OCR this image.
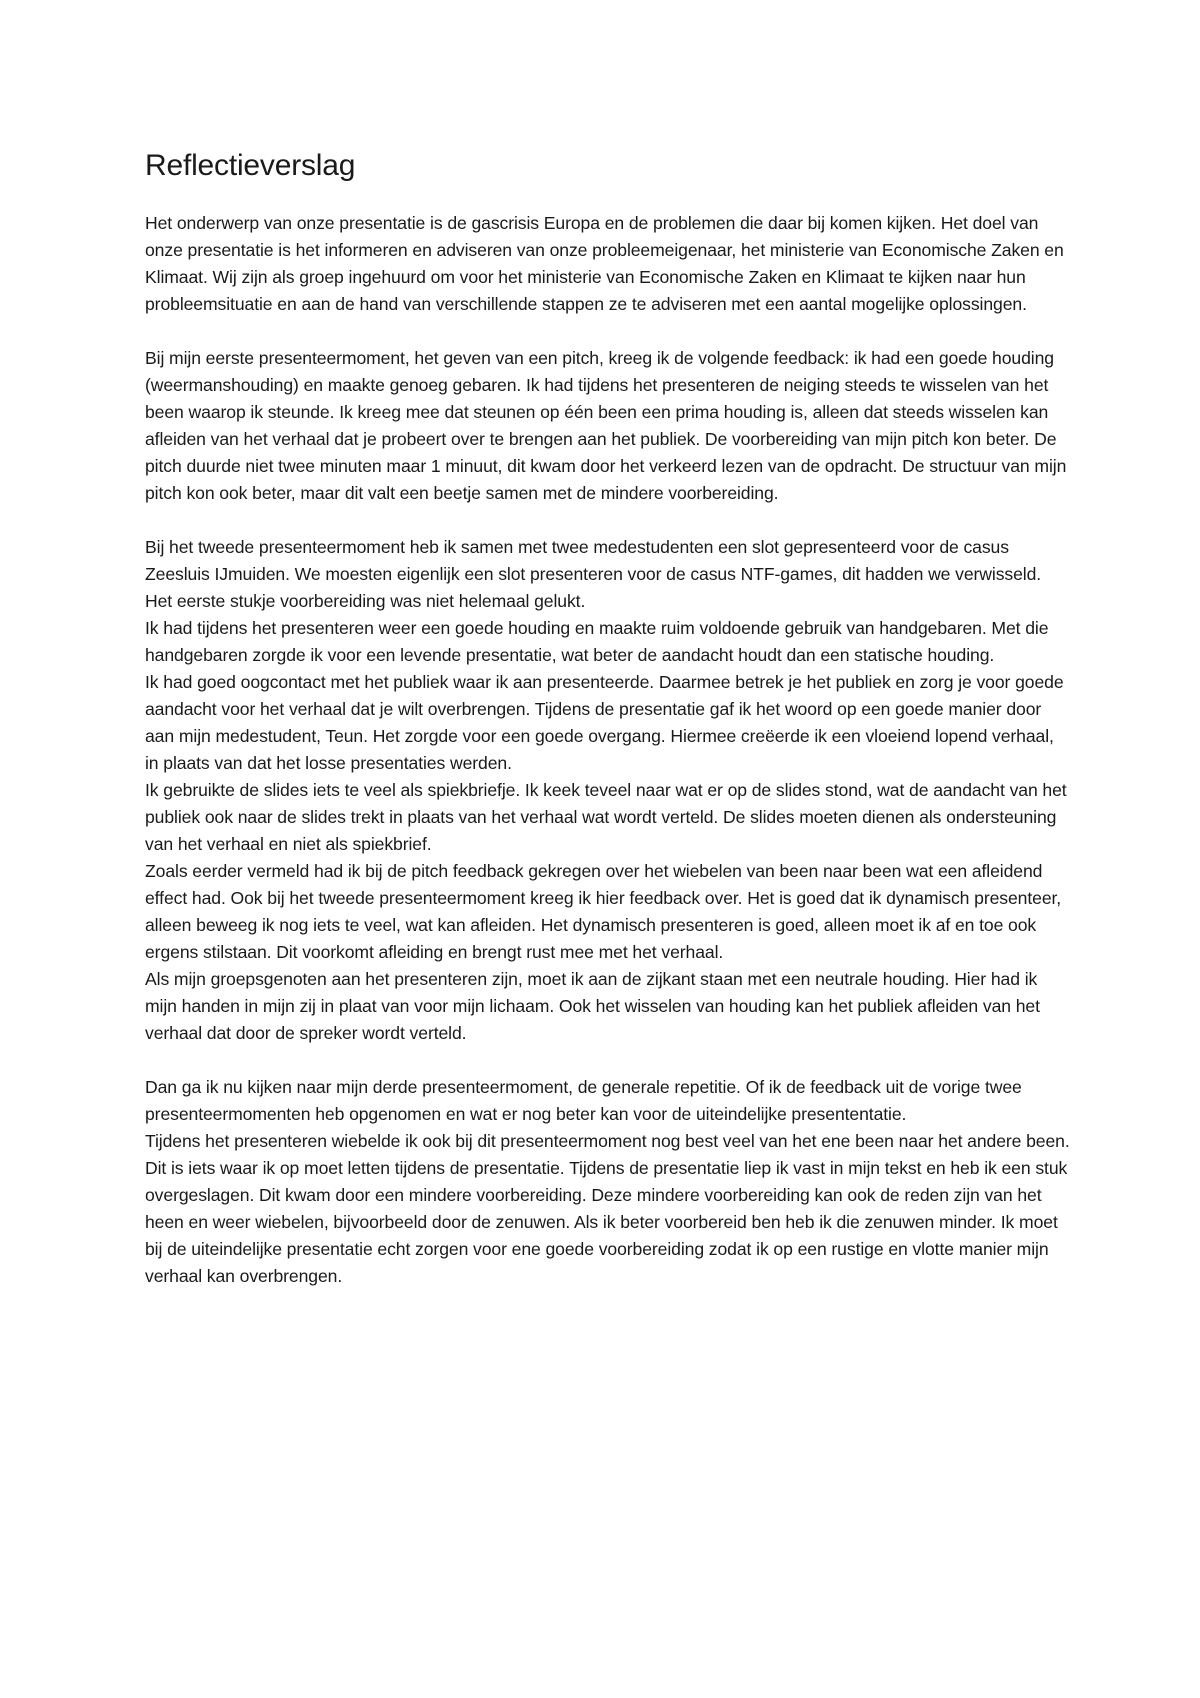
Reflectieverslag

Het onderwerp van onze presentatie is de gascrisis Europa en de problemen die daar bij komen kijken. Het doel van onze presentatie is het informeren en adviseren van onze probleemeigenaar, het ministerie van Economische Zaken en Klimaat. Wij zijn als groep ingehuurd om voor het ministerie van Economische Zaken en Klimaat te kijken naar hun probleemsituatie en aan de hand van verschillende stappen ze te adviseren met een aantal mogelijke oplossingen.

Bij mijn eerste presenteermoment, het geven van een pitch, kreeg ik de volgende feedback: ik had een goede houding (weermanshouding) en maakte genoeg gebaren. Ik had tijdens het presenteren de neiging steeds te wisselen van het been waarop ik steunde. Ik kreeg mee dat steunen op één been een prima houding is, alleen dat steeds wisselen kan afleiden van het verhaal dat je probeert over te brengen aan het publiek. De voorbereiding van mijn pitch kon beter. De pitch duurde niet twee minuten maar 1 minuut, dit kwam door het verkeerd lezen van de opdracht. De structuur van mijn pitch kon ook beter, maar dit valt een beetje samen met de mindere voorbereiding.

Bij het tweede presenteermoment heb ik samen met twee medestudenten een slot gepresenteerd voor de casus Zeesluis IJmuiden. We moesten eigenlijk een slot presenteren voor de casus NTF-games, dit hadden we verwisseld. Het eerste stukje voorbereiding was niet helemaal gelukt.

Ik had tijdens het presenteren weer een goede houding en maakte ruim voldoende gebruik van handgebaren. Met die handgebaren zorgde ik voor een levende presentatie, wat beter de aandacht houdt dan een statische houding.

Ik had goed oogcontact met het publiek waar ik aan presenteerde. Daarmee betrek je het publiek en zorg je voor goede aandacht voor het verhaal dat je wilt overbrengen. Tijdens de presentatie gaf ik het woord op een goede manier door aan mijn medestudent, Teun. Het zorgde voor een goede overgang. Hiermee creëerde ik een vloeiend lopend verhaal, in plaats van dat het losse presentaties werden.

Ik gebruikte de slides iets te veel als spiekbriefje. Ik keek teveel naar wat er op de slides stond, wat de aandacht van het publiek ook naar de slides trekt in plaats van het verhaal wat wordt verteld. De slides moeten dienen als ondersteuning van het verhaal en niet als spiekbrief.

Zoals eerder vermeld had ik bij de pitch feedback gekregen over het wiebelen van been naar been wat een afleidend effect had. Ook bij het tweede presenteermoment kreeg ik hier feedback over. Het is goed dat ik dynamisch presenteer, alleen beweeg ik nog iets te veel, wat kan afleiden. Het dynamisch presenteren is goed, alleen moet ik af en toe ook ergens stilstaan. Dit voorkomt afleiding en brengt rust mee met het verhaal.

Als mijn groepsgenoten aan het presenteren zijn, moet ik aan de zijkant staan met een neutrale houding. Hier had ik mijn handen in mijn zij in plaat van voor mijn lichaam. Ook het wisselen van houding kan het publiek afleiden van het verhaal dat door de spreker wordt verteld.

Dan ga ik nu kijken naar mijn derde presenteermoment, de generale repetitie. Of ik de feedback uit de vorige twee presenteermomenten heb opgenomen en wat er nog beter kan voor de uiteindelijke presententatie.

Tijdens het presenteren wiebelde ik ook bij dit presenteermoment nog best veel van het ene been naar het andere been. Dit is iets waar ik op moet letten tijdens de presentatie. Tijdens de presentatie liep ik vast in mijn tekst en heb ik een stuk overgeslagen. Dit kwam door een mindere voorbereiding. Deze mindere voorbereiding kan ook de reden zijn van het heen en weer wiebelen, bijvoorbeeld door de zenuwen. Als ik beter voorbereid ben heb ik die zenuwen minder. Ik moet bij de uiteindelijke presentatie echt zorgen voor ene goede voorbereiding zodat ik op een rustige en vlotte manier mijn verhaal kan overbrengen.
